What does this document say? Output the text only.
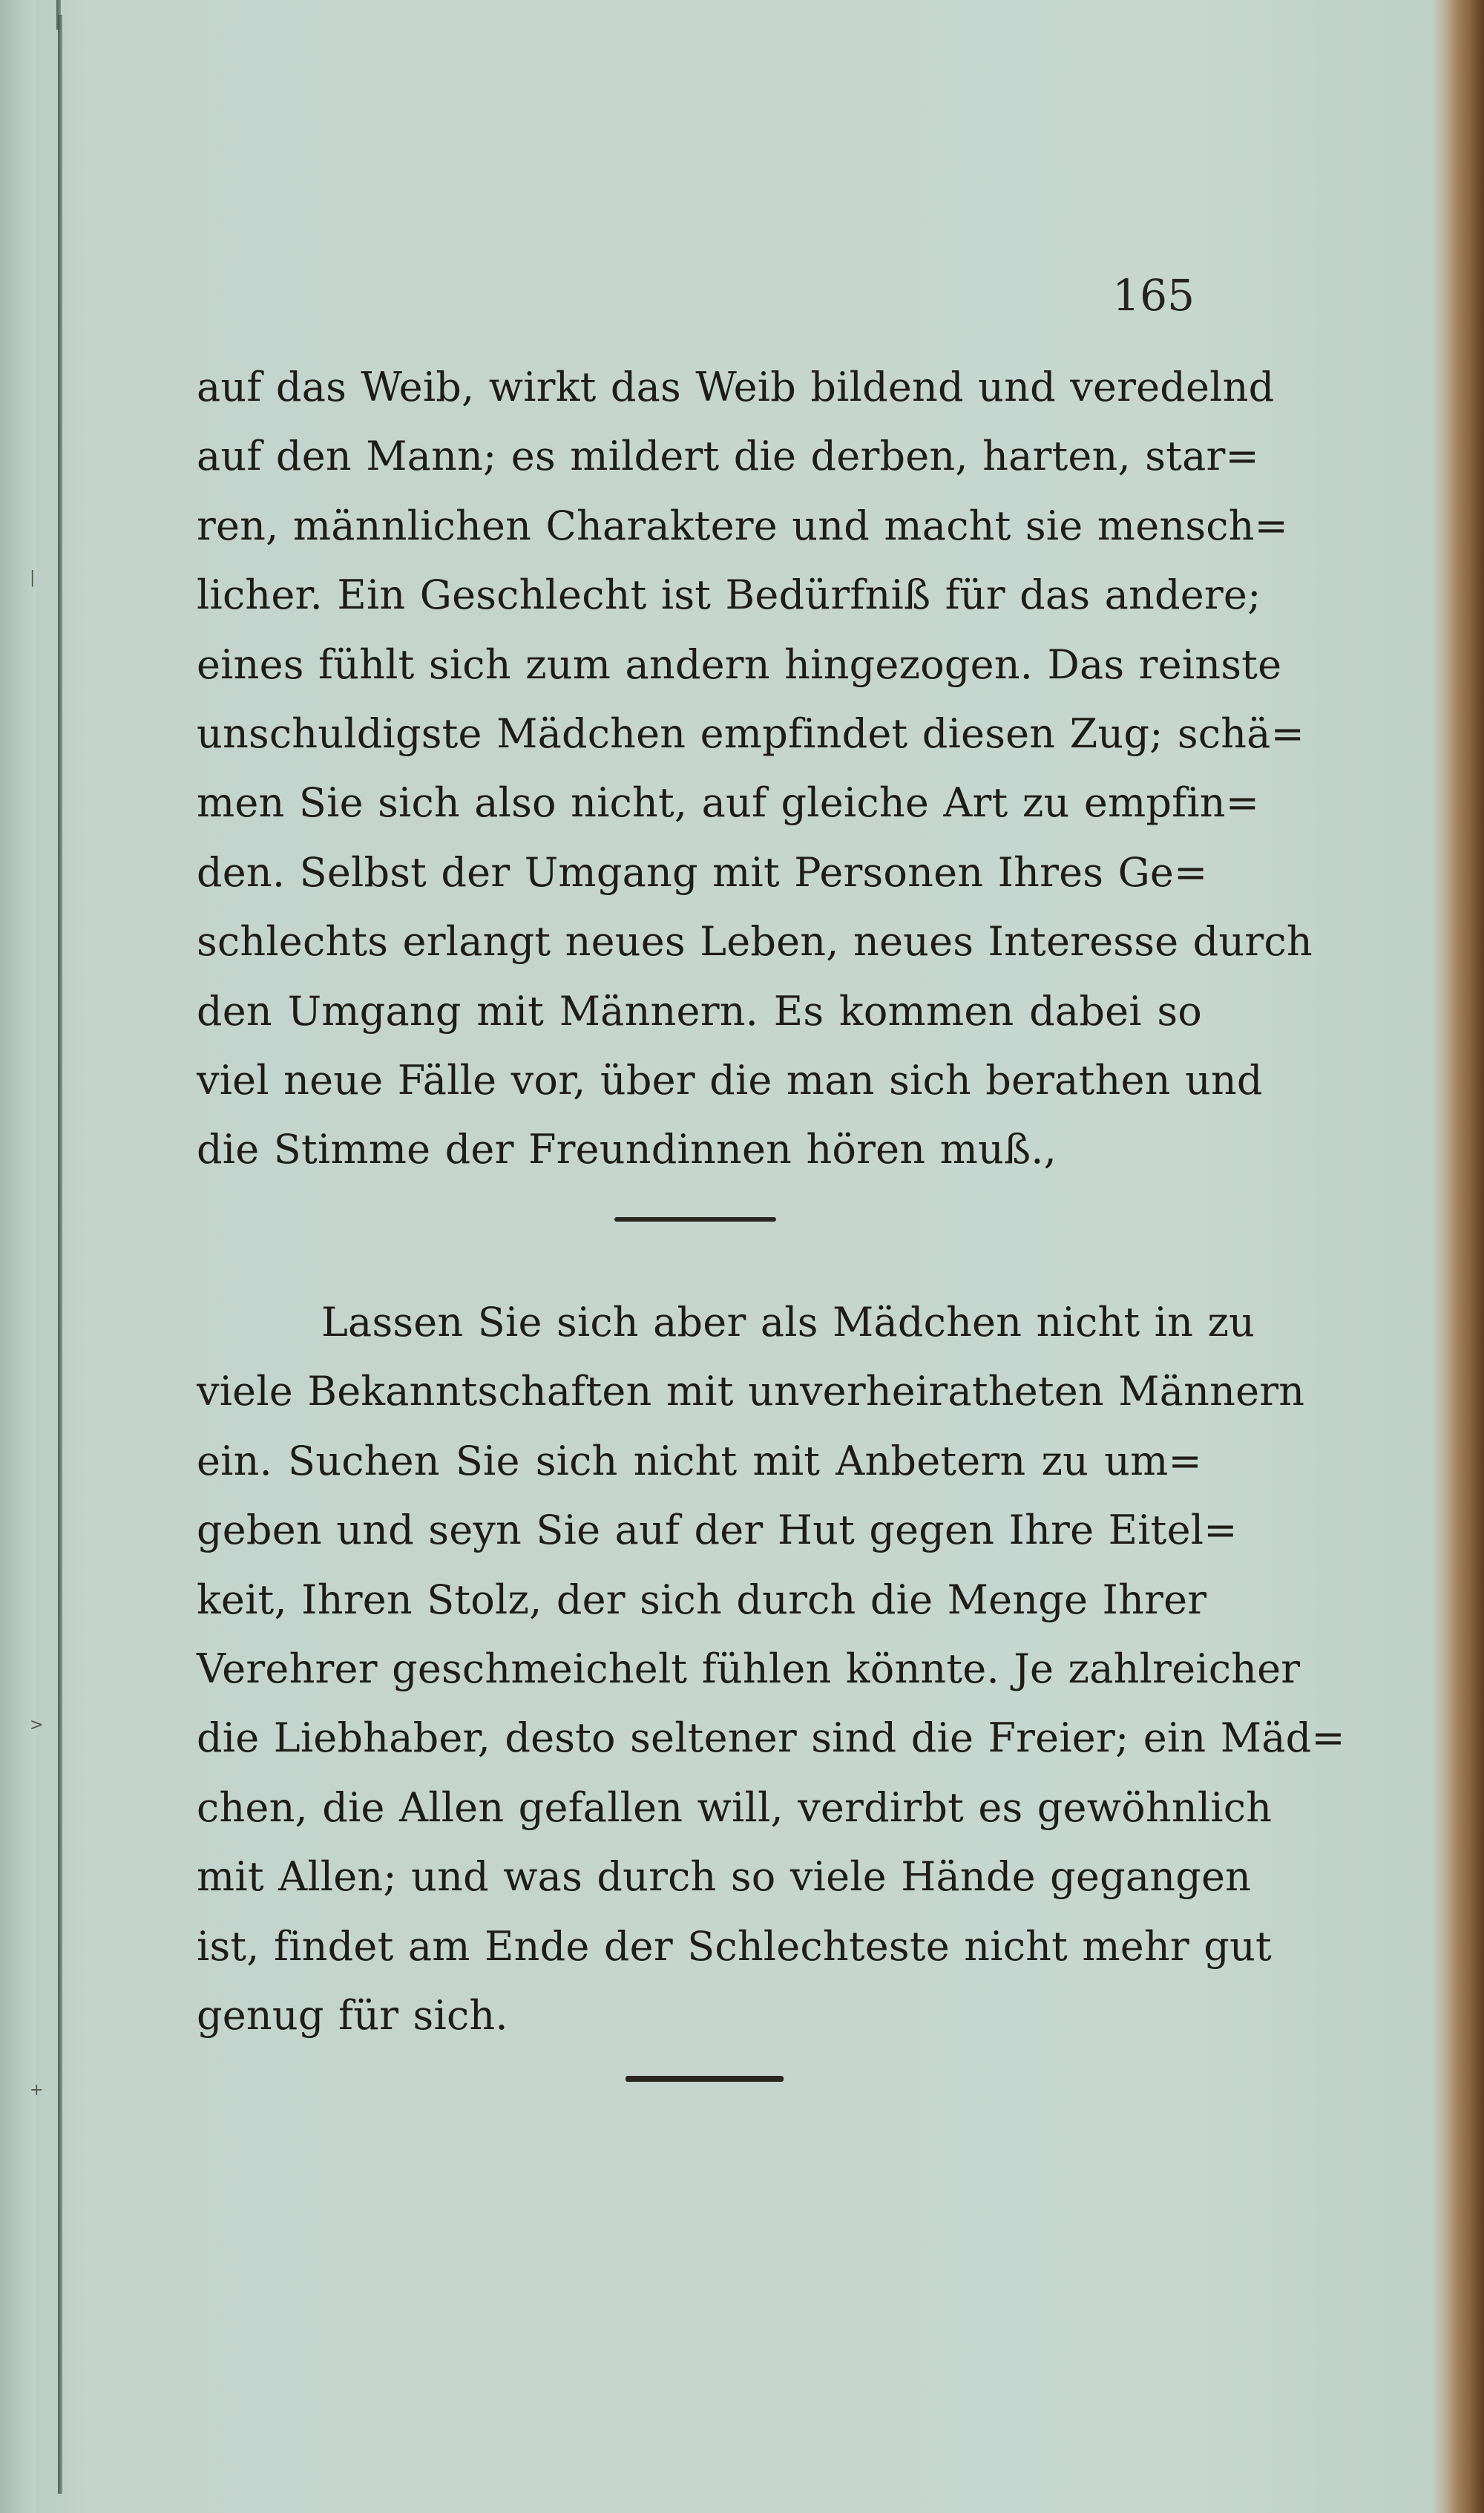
|
>
+
165
auf das Weib, wirkt das Weib bildend und veredelnd
auf den Mann; es mildert die derben, harten, star=
ren, männlichen Charaktere und macht sie mensch=
licher. Ein Geschlecht ist Bedürfniß für das andere;
eines fühlt sich zum andern hingezogen. Das reinste
unschuldigste Mädchen empfindet diesen Zug; schä=
men Sie sich also nicht, auf gleiche Art zu empfin=
den. Selbst der Umgang mit Personen Ihres Ge=
schlechts erlangt neues Leben, neues Interesse durch
den Umgang mit Männern. Es kommen dabei so
viel neue Fälle vor, über die man sich berathen und
die Stimme der Freundinnen hören muß.,
Lassen Sie sich aber als Mädchen nicht in zu
viele Bekanntschaften mit unverheiratheten Männern
ein. Suchen Sie sich nicht mit Anbetern zu um=
geben und seyn Sie auf der Hut gegen Ihre Eitel=
keit, Ihren Stolz, der sich durch die Menge Ihrer
Verehrer geschmeichelt fühlen könnte. Je zahlreicher
die Liebhaber, desto seltener sind die Freier; ein Mäd=
chen, die Allen gefallen will, verdirbt es gewöhnlich
mit Allen; und was durch so viele Hände gegangen
ist, findet am Ende der Schlechteste nicht mehr gut
genug für sich.
